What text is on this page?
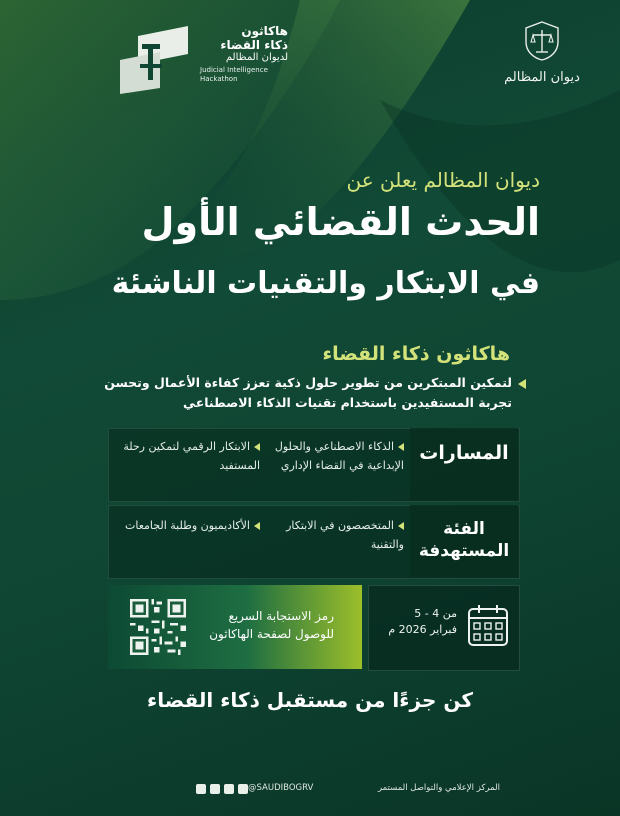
هاكاثون
ذكاء القضاء
لديوان المظالم
Judicial Intelligence Hackathon	ديوان المظالم
ديوان المظالم يعلن عن
الحدث القضائي الأول
في الابتكار والتقنيات الناشئة
هاكاثون ذكاء القضاء
لتمكين المبتكرين من تطوير حلول ذكية تعزز كفاءة الأعمال وتحسن تجربة المستفيدين باستخدام تقنيات الذكاء الاصطناعي
المسارات
الذكاء الاصطناعي والحلول الإبداعية في القضاء الإداري
الابتكار الرقمي لتمكين رحلة المستفيد
الفئة المستهدفة
المتخصصون في الابتكار والتقنية
الأكاديميون وطلبة الجامعات
من 4 - 5
فبراير 2026 م
رمز الاستجابة السريع
للوصول لصفحة الهاكاثون
كن جزءًا من مستقبل ذكاء القضاء
المركز الإعلامي والتواصل المستمر
@SAUDIBOGRV
